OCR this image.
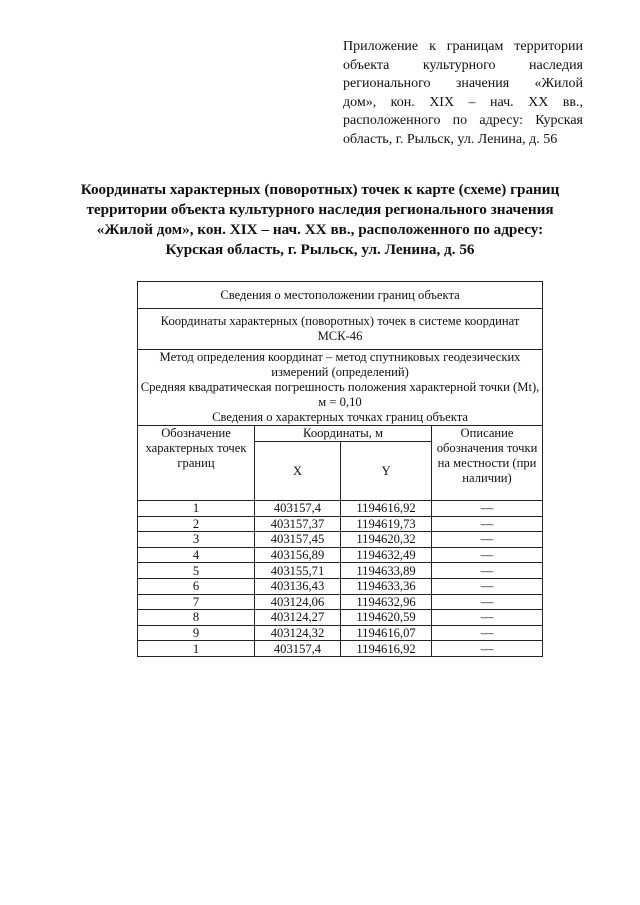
Приложение к границам территории
объекта культурного наследия
регионального значения «Жилой
дом», кон. XIX – нач. XX вв.,
расположенного по адресу: Курская
область, г. Рыльск, ул. Ленина, д. 56
Координаты характерных (поворотных) точек к карте (схеме) границ
территории объекта культурного наследия регионального значения
«Жилой дом», кон. XIX – нач. XX вв., расположенного по адресу:
Курская область, г. Рыльск, ул. Ленина, д. 56
Сведения о местоположении границ объекта			
Координаты характерных (поворотных) точек в системе координат МСК-46			

Метод определения координат – метод спутниковых геодезических измерений (определений)
Средняя квадратическая погрешность положения характерной точки (Mt), м = 0,10
Сведения о характерных точках границ объекта			

Обозначение характерных точек границ	Координаты, м		Описание обозначения точки на местности (при наличии)
	X	Y	
1	403157,4	1194616,92	—
2	403157,37	1194619,73	—
3	403157,45	1194620,32	—
4	403156,89	1194632,49	—
5	403155,71	1194633,89	—
6	403136,43	1194633,36	—
7	403124,06	1194632,96	—
8	403124,27	1194620,59	—
9	403124,32	1194616,07	—
1	403157,4	1194616,92	—
